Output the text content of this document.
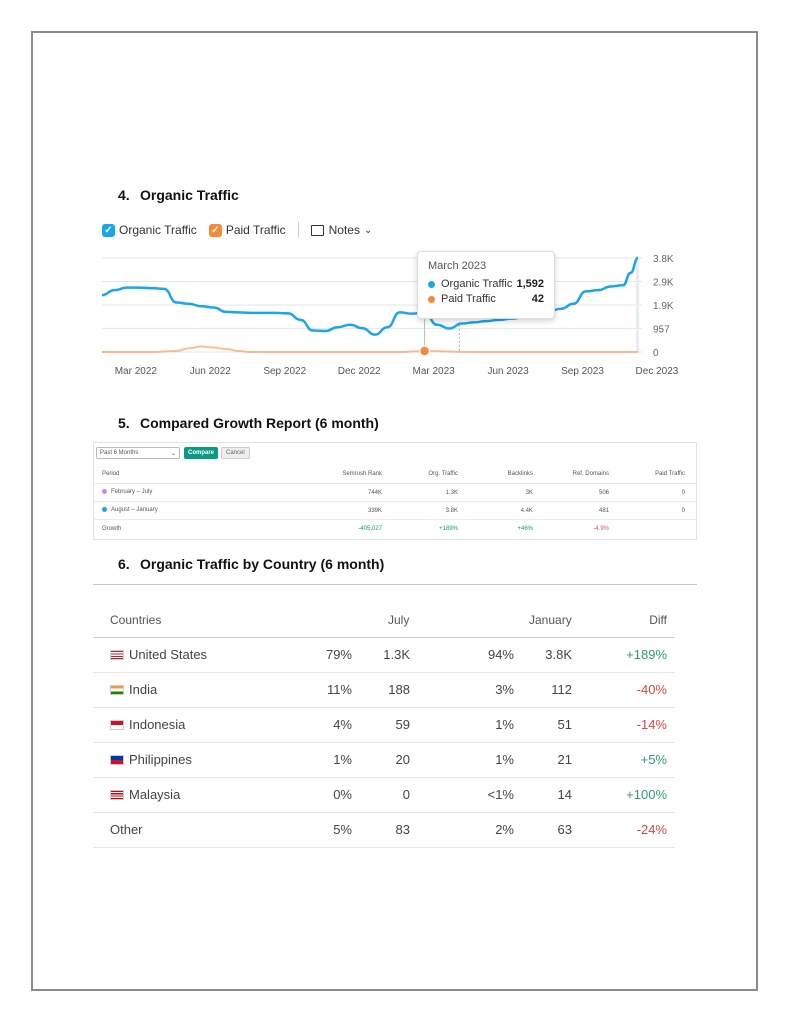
4. Organic Traffic
✓ Organic Traffic ✓ Paid Traffic	Notes ⌄
3.8K
2.9K
1.9K
957
0
Mar 2022	Jun 2022	Sep 2022	Dec 2022	Mar 2023	Jun 2023	Sep 2023	Dec 2023
March 2023
Organic Traffic 1,592
Paid Traffic	42
5. Compared Growth Report (6 month)
Past 6 Months	⌄	Compare	Cancel
Period	Semrush Rank	Org. Traffic	Backlinks	Ref. Domains	Paid Traffic
February – July	744K	1.3K	3K	506	0
August – January	339K	3.8K	4.4K	481	0
Growth	-405,027	+189%	+46%	-4.9%
6. Organic Traffic by Country (6 month)
Countries	July	January	Diff
United States	79% 1.3K	94% 3.8K	+189%
India	11%	188	3%	112	-40%
Indonesia	4%	59	1%	51	-14%
Philippines	1%	20	1%	21	+5%
Malaysia	0%	0	<1%	14	+100%
Other	5%	83	2%	63	-24%
